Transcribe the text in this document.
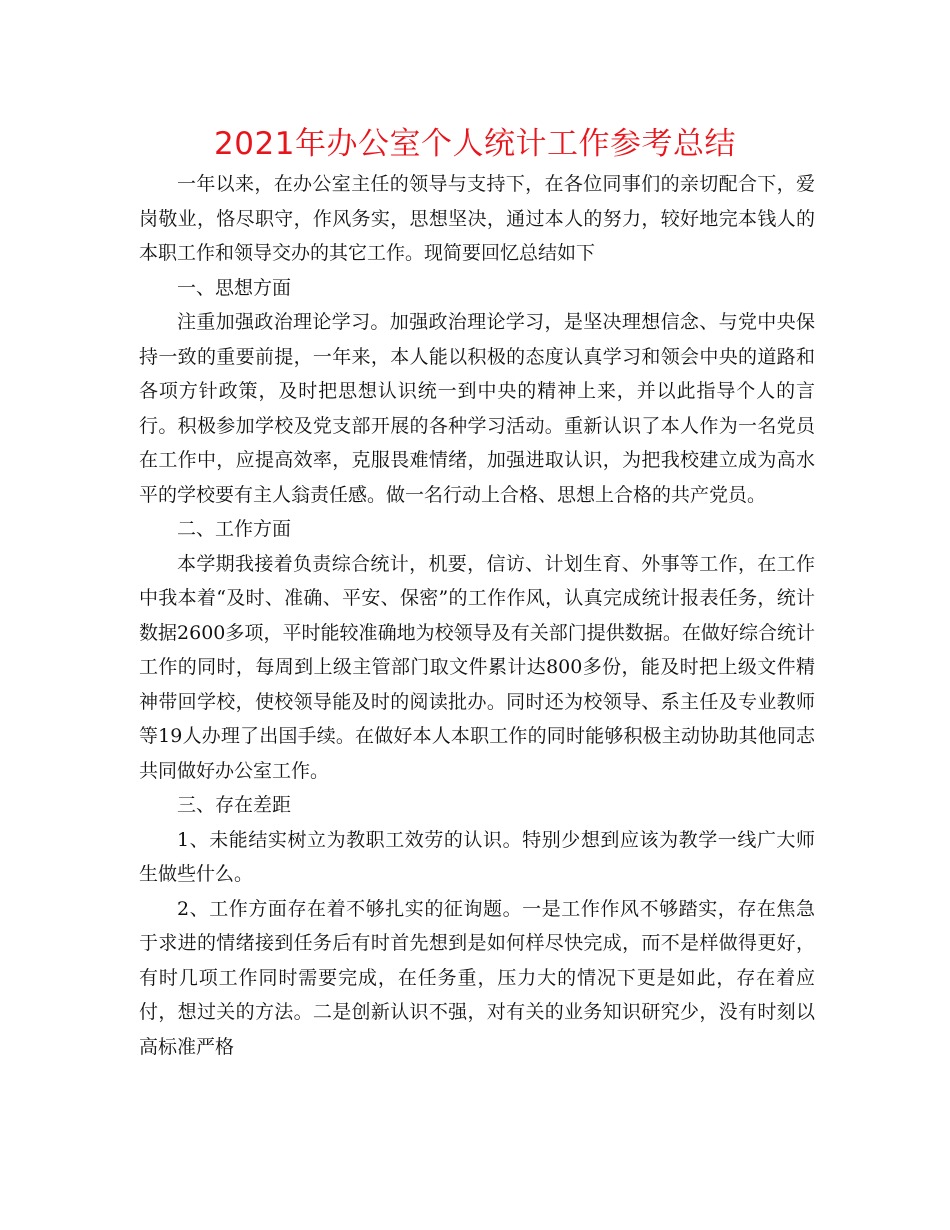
2021年办公室个人统计工作参考总结

一年以来，在办公室主任的领导与支持下，在各位同事们的亲切配合下，爱岗敬业，恪尽职守，作风务实，思想坚决，通过本人的努力，较好地完本钱人的本职工作和领导交办的其它工作。现简要回忆总结如下

一、思想方面

注重加强政治理论学习。加强政治理论学习，是坚决理想信念、与党中央保持一致的重要前提，一年来，本人能以积极的态度认真学习和领会中央的道路和各项方针政策，及时把思想认识统一到中央的精神上来，并以此指导个人的言行。积极参加学校及党支部开展的各种学习活动。重新认识了本人作为一名党员在工作中，应提高效率，克服畏难情绪，加强进取认识，为把我校建立成为高水平的学校要有主人翁责任感。做一名行动上合格、思想上合格的共产党员。

二、工作方面

本学期我接着负责综合统计，机要，信访、计划生育、外事等工作，在工作中我本着“及时、准确、平安、保密”的工作作风，认真完成统计报表任务，统计数据2600多项，平时能较准确地为校领导及有关部门提供数据。在做好综合统计工作的同时，每周到上级主管部门取文件累计达800多份，能及时把上级文件精神带回学校，使校领导能及时的阅读批办。同时还为校领导、系主任及专业教师等19人办理了出国手续。在做好本人本职工作的同时能够积极主动协助其他同志共同做好办公室工作。

三、存在差距

1、未能结实树立为教职工效劳的认识。特别少想到应该为教学一线广大师生做些什么。

2、工作方面存在着不够扎实的征询题。一是工作作风不够踏实，存在焦急于求进的情绪接到任务后有时首先想到是如何样尽快完成，而不是样做得更好，有时几项工作同时需要完成，在任务重，压力大的情况下更是如此，存在着应付，想过关的方法。二是创新认识不强，对有关的业务知识研究少，没有时刻以高标准严格
